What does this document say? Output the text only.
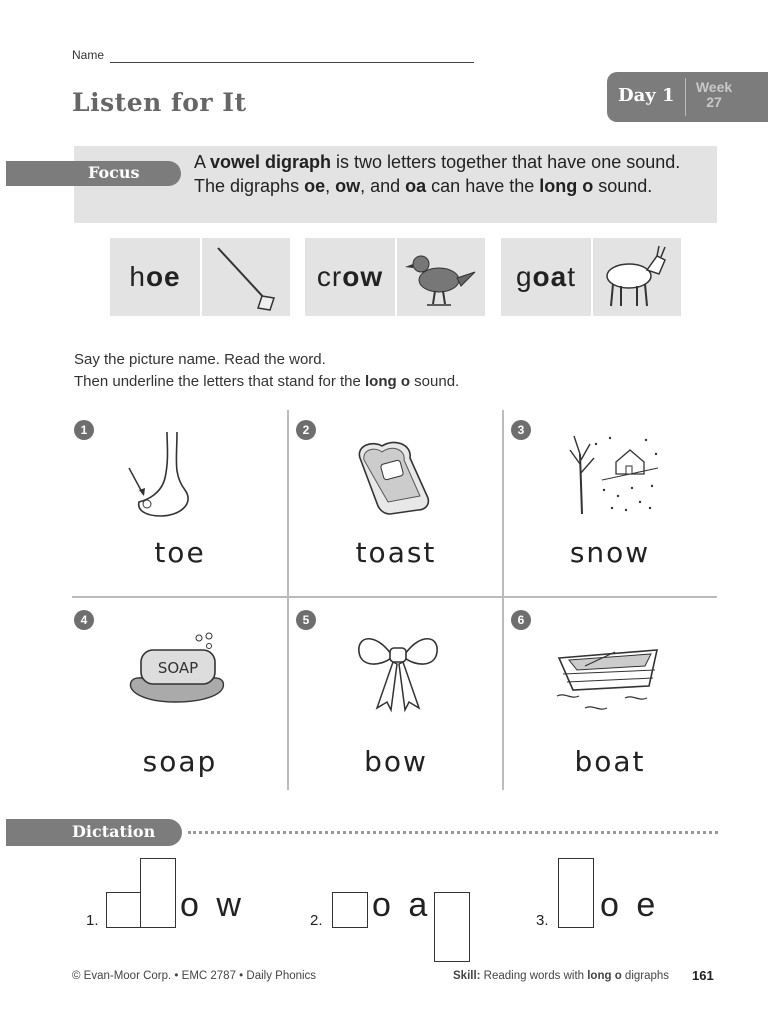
Name
Listen for It	Day 1 Week
27
Focus
A vowel digraph is two letters together that have one sound. The digraphs oe, ow, and oa can have the long o sound.
hoe	crow	goat
Say the picture name. Read the word.
Then underline the letters that stand for the long o sound.
1
toe
2
toast
3
snow
4
SOAP
soap
5
bow
6
boat
Dictation
1. o w	2. o a	3. o e
© Evan-Moor Corp. • EMC 2787 • Daily Phonics	Skill: Reading words with long o digraphs 161
